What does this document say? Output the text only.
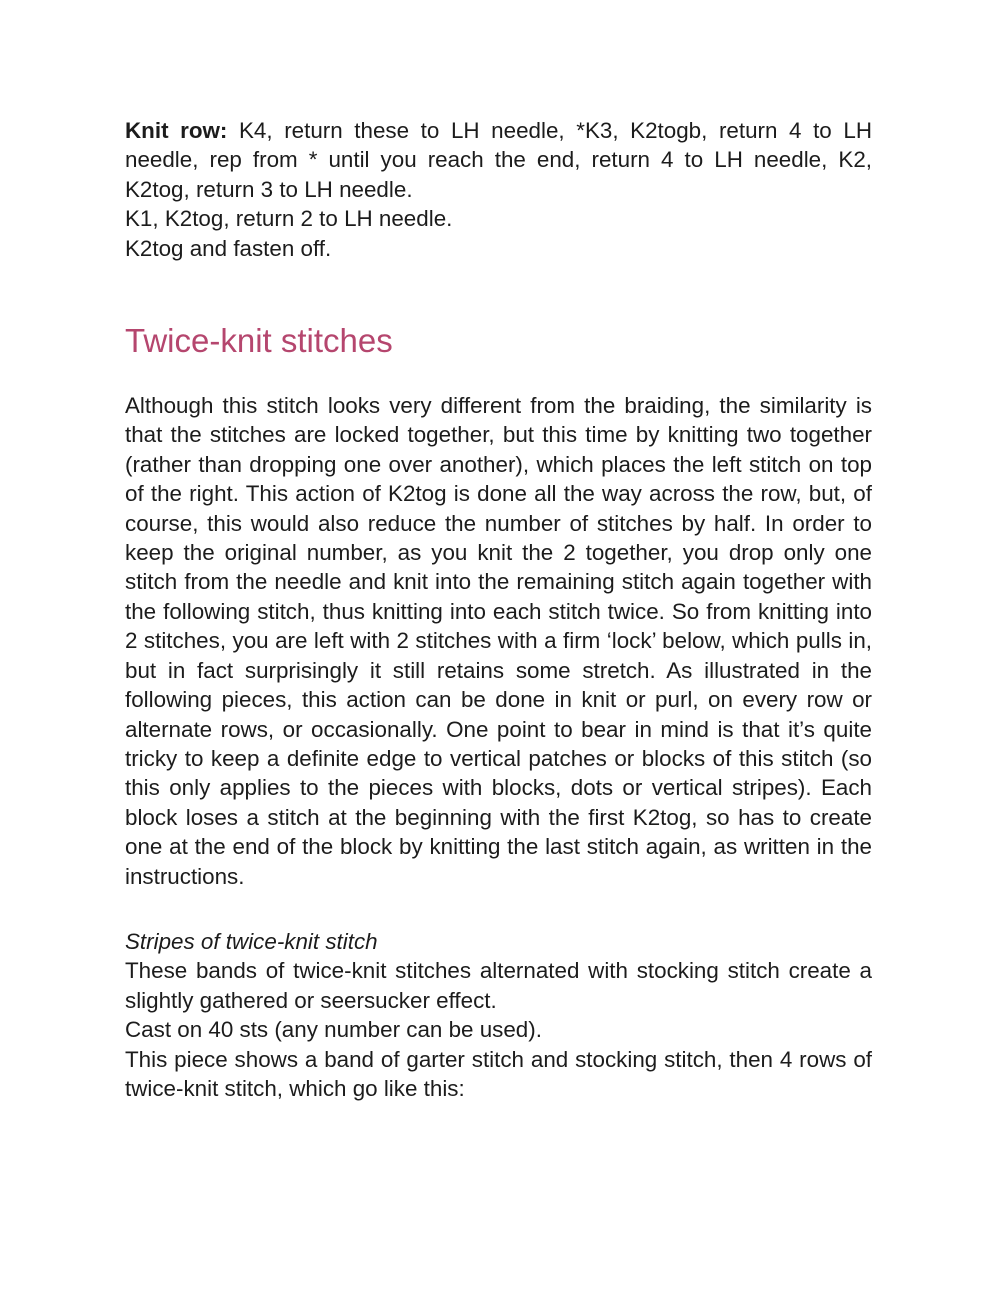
Knit row: K4, return these to LH needle, *K3, K2togb, return 4 to LH needle, rep from * until you reach the end, return 4 to LH needle, K2, K2tog, return 3 to LH needle.

K1, K2tog, return 2 to LH needle.
K2tog and fasten off.
Twice-knit stitches

Although this stitch looks very different from the braiding, the similarity is that the stitches are locked together, but this time by knitting two together (rather than dropping one over another), which places the left stitch on top of the right. This action of K2tog is done all the way across the row, but, of course, this would also reduce the number of stitches by half. In order to keep the original number, as you knit the 2 together, you drop only one stitch from the needle and knit into the remaining stitch again together with the following stitch, thus knitting into each stitch twice. So from knitting into 2 stitches, you are left with 2 stitches with a firm ‘lock’ below, which pulls in, but in fact surprisingly it still retains some stretch. As illustrated in the following pieces, this action can be done in knit or purl, on every row or alternate rows, or occasionally. One point to bear in mind is that it’s quite tricky to keep a definite edge to vertical patches or blocks of this stitch (so this only applies to the pieces with blocks, dots or vertical stripes). Each block loses a stitch at the beginning with the first K2tog, so has to create one at the end of the block by knitting the last stitch again, as written in the instructions.

Stripes of twice-knit stitch

These bands of twice-knit stitches alternated with stocking stitch create a slightly gathered or seersucker effect.

Cast on 40 sts (any number can be used).

This piece shows a band of garter stitch and stocking stitch, then 4 rows of twice-knit stitch, which go like this:
